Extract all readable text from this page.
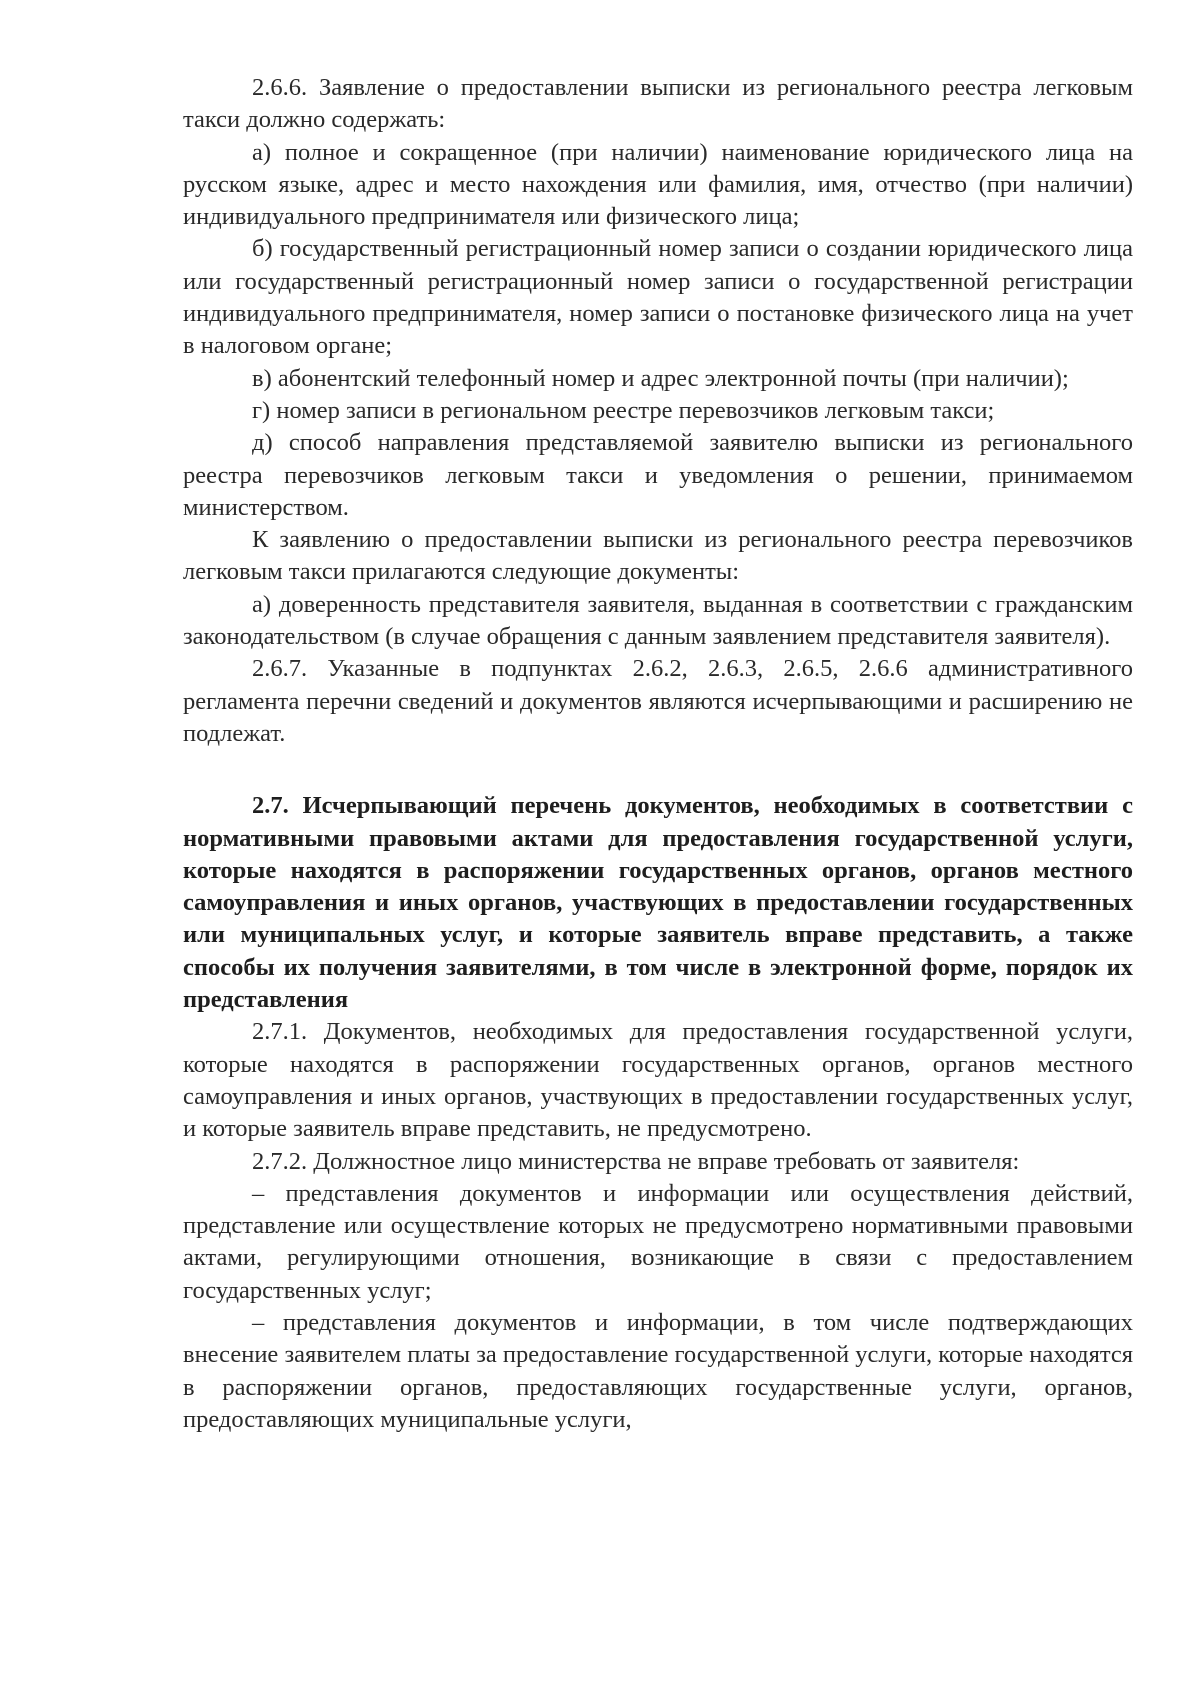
2.6.6. Заявление о предоставлении выписки из регионального реестра легковым такси должно содержать:

а) полное и сокращенное (при наличии) наименование юридического лица на русском языке, адрес и место нахождения или фамилия, имя, отчество (при наличии) индивидуального предпринимателя или физического лица;

б) государственный регистрационный номер записи о создании юридического лица или государственный регистрационный номер записи о государственной регистрации индивидуального предпринимателя, номер записи о постановке физического лица на учет в налоговом органе;

в) абонентский телефонный номер и адрес электронной почты (при наличии);

г) номер записи в региональном реестре перевозчиков легковым такси;

д) способ направления представляемой заявителю выписки из регионального реестра перевозчиков легковым такси и уведомления о решении, принимаемом министерством.

К заявлению о предоставлении выписки из регионального реестра перевозчиков легковым такси прилагаются следующие документы:

а) доверенность представителя заявителя, выданная в соответствии с гражданским законодательством (в случае обращения с данным заявлением представителя заявителя).

2.6.7. Указанные в подпунктах 2.6.2, 2.6.3, 2.6.5, 2.6.6 административного регламента перечни сведений и документов являются исчерпывающими и расширению не подлежат.

2.7. Исчерпывающий перечень документов, необходимых в соответствии с нормативными правовыми актами для предоставления государственной услуги, которые находятся в распоряжении государственных органов, органов местного самоуправления и иных органов, участвующих в предоставлении государственных или муниципальных услуг, и которые заявитель вправе представить, а также способы их получения заявителями, в том числе в электронной форме, порядок их представления

2.7.1. Документов, необходимых для предоставления государственной услуги, которые находятся в распоряжении государственных органов, органов местного самоуправления и иных органов, участвующих в предоставлении государственных услуг, и которые заявитель вправе представить, не предусмотрено.

2.7.2. Должностное лицо министерства не вправе требовать от заявителя:

– представления документов и информации или осуществления действий, представление или осуществление которых не предусмотрено нормативными правовыми актами, регулирующими отношения, возникающие в связи с предоставлением государственных услуг;

– представления документов и информации, в том числе подтверждающих внесение заявителем платы за предоставление государственной услуги, которые находятся в распоряжении органов, предоставляющих государственные услуги, органов, предоставляющих муниципальные услуги,
